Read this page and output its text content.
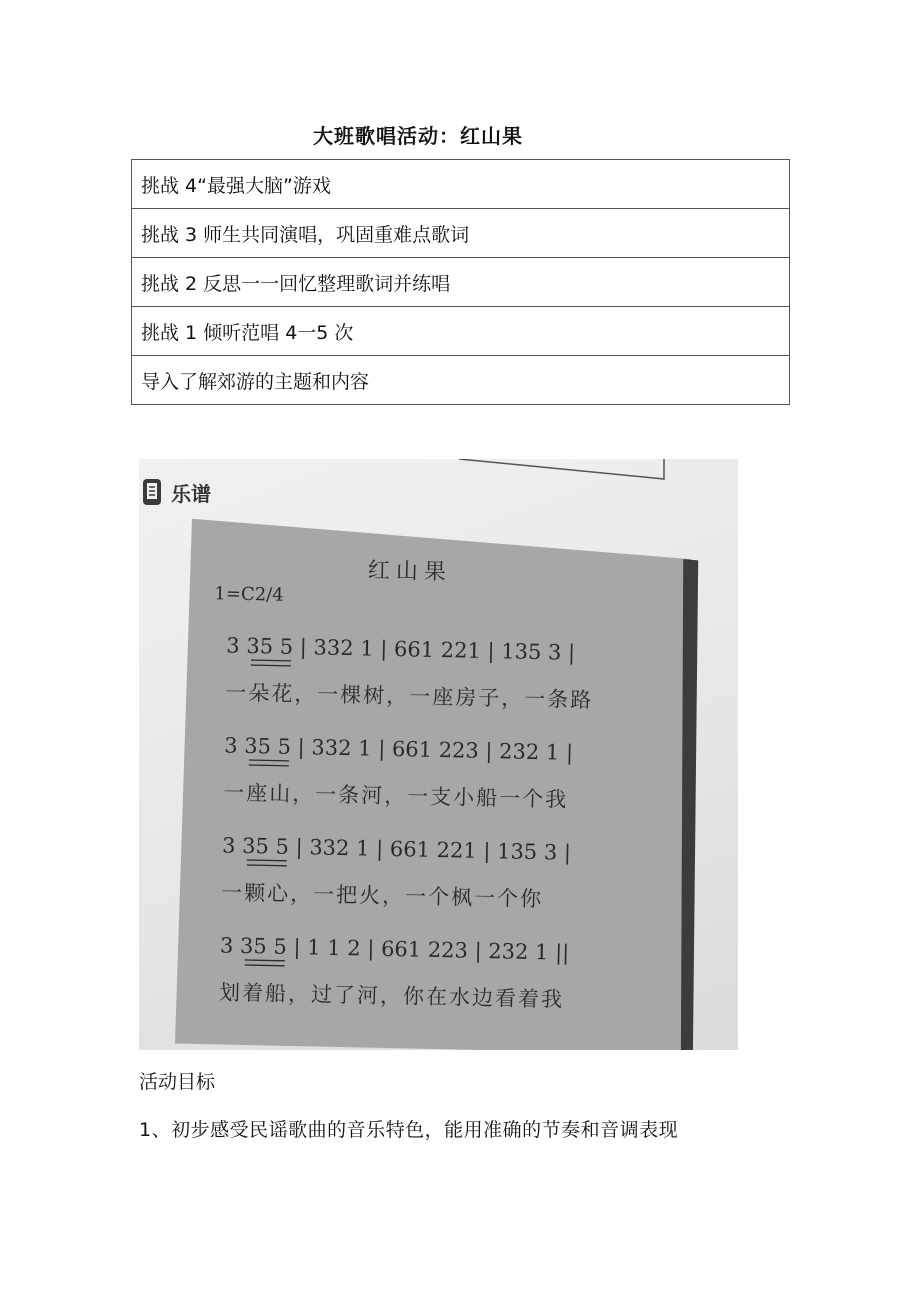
大班歌唱活动：红山果
挑战 4“最强大脑”游戏
挑战 3 师生共同演唱，巩固重难点歌词
挑战 2 反思一一回忆整理歌词并练唱
挑战 1 倾听范唱 4一5 次
导入了解郊游的主题和内容
乐谱
红山果
1=C2/4
3 35 5 | 332 1 | 661 221 | 135 3 |
一朵花，一棵树，一座房子，一条路
3 35 5 | 332 1 | 661 223 | 232 1 |
一座山，一条河，一支小船一个我
3 35 5 | 332 1 | 661 221 | 135 3 |
一颗心，一把火，一个枫一个你
3 35 5 | 1 1 2 | 661 223 | 232 1 ||
划着船，过了河，你在水边看着我
活动目标
1、初步感受民谣歌曲的音乐特色，能用准确的节奏和音调表现
